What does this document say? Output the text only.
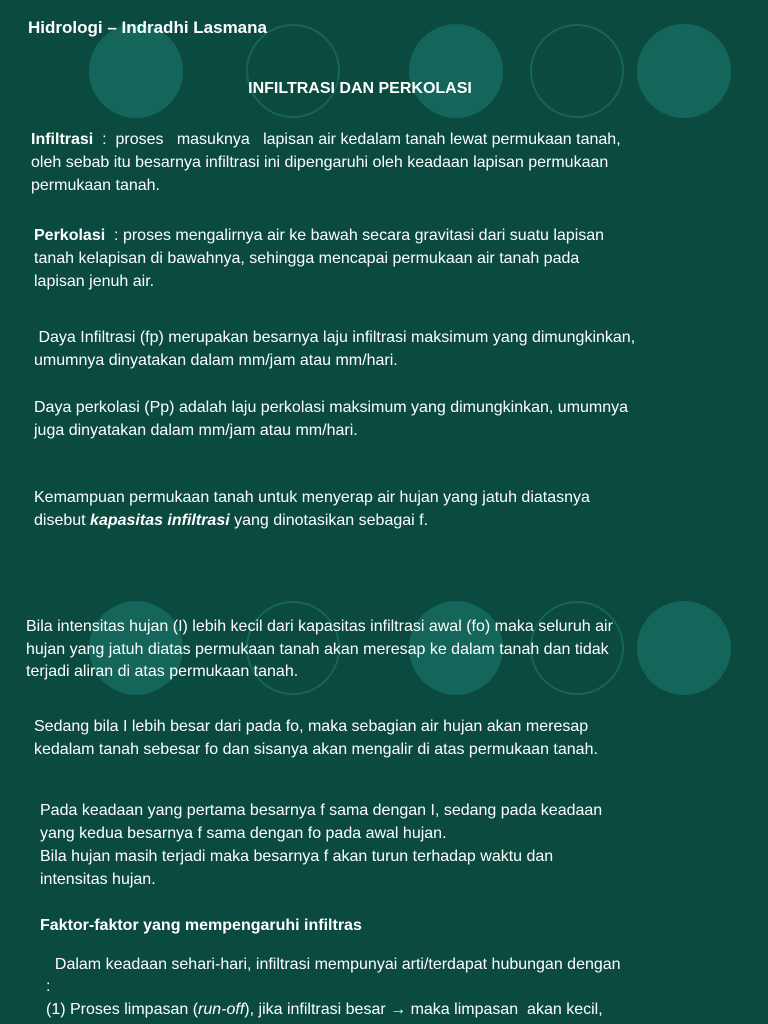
Hidrologi – Indradhi Lasmana
INFILTRASI DAN PERKOLASI
Infiltrasi  :  proses   masuknya   lapisan air kedalam tanah lewat permukaan tanah,
oleh sebab itu besarnya infiltrasi ini dipengaruhi oleh keadaan lapisan permukaan
permukaan tanah.
Perkolasi  : proses mengalirnya air ke bawah secara gravitasi dari suatu lapisan
tanah kelapisan di bawahnya, sehingga mencapai permukaan air tanah pada
lapisan jenuh air.
Daya Infiltrasi (fp) merupakan besarnya laju infiltrasi maksimum yang dimungkinkan,
umumnya dinyatakan dalam mm/jam atau mm/hari.
Daya perkolasi (Pp) adalah laju perkolasi maksimum yang dimungkinkan, umumnya
juga dinyatakan dalam mm/jam atau mm/hari.
Kemampuan permukaan tanah untuk menyerap air hujan yang jatuh diatasnya
disebut kapasitas infiltrasi yang dinotasikan sebagai f.
Bila intensitas hujan (I) lebih kecil dari kapasitas infiltrasi awal (fo) maka seluruh air
hujan yang jatuh diatas permukaan tanah akan meresap ke dalam tanah dan tidak
terjadi aliran di atas permukaan tanah.
Sedang bila I lebih besar dari pada fo, maka sebagian air hujan akan meresap
kedalam tanah sebesar fo dan sisanya akan mengalir di atas permukaan tanah.
Pada keadaan yang pertama besarnya f sama dengan I, sedang pada keadaan
yang kedua besarnya f sama dengan fo pada awal hujan.
Bila hujan masih terjadi maka besarnya f akan turun terhadap waktu dan
intensitas hujan.
Faktor-faktor yang mempengaruhi infiltras
Dalam keadaan sehari-hari, infiltrasi mempunyai arti/terdapat hubungan dengan
:
(1) Proses limpasan (run-off), jika infiltrasi besar → maka limpasan  akan kecil,
